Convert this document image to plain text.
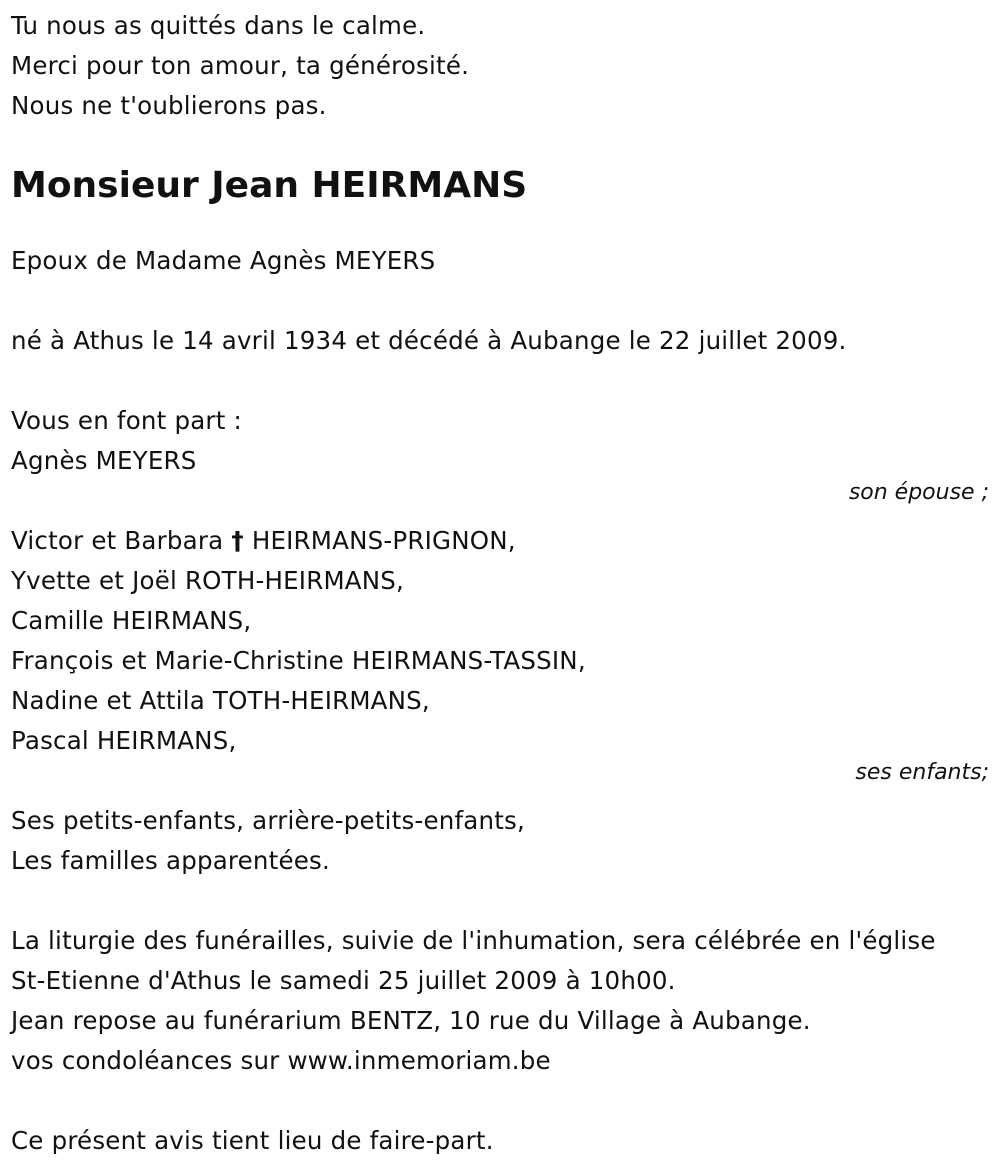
Tu nous as quittés dans le calme.
Merci pour ton amour, ta générosité.
Nous ne t'oublierons pas.
Monsieur Jean HEIRMANS
Epoux de Madame Agnès MEYERS
né à Athus le 14 avril 1934 et décédé à Aubange le 22 juillet 2009.
Vous en font part :
Agnès MEYERS
son épouse ;
Victor et Barbara † HEIRMANS-PRIGNON,
Yvette et Joël ROTH-HEIRMANS,
Camille HEIRMANS,
François et Marie-Christine HEIRMANS-TASSIN,
Nadine et Attila TOTH-HEIRMANS,
Pascal HEIRMANS,
ses enfants;
Ses petits-enfants, arrière-petits-enfants,
Les familles apparentées.
La liturgie des funérailles, suivie de l'inhumation, sera célébrée en l'église
St-Etienne d'Athus le samedi 25 juillet 2009 à 10h00.
Jean repose au funérarium BENTZ, 10 rue du Village à Aubange.
vos condoléances sur www.inmemoriam.be
Ce présent avis tient lieu de faire-part.
